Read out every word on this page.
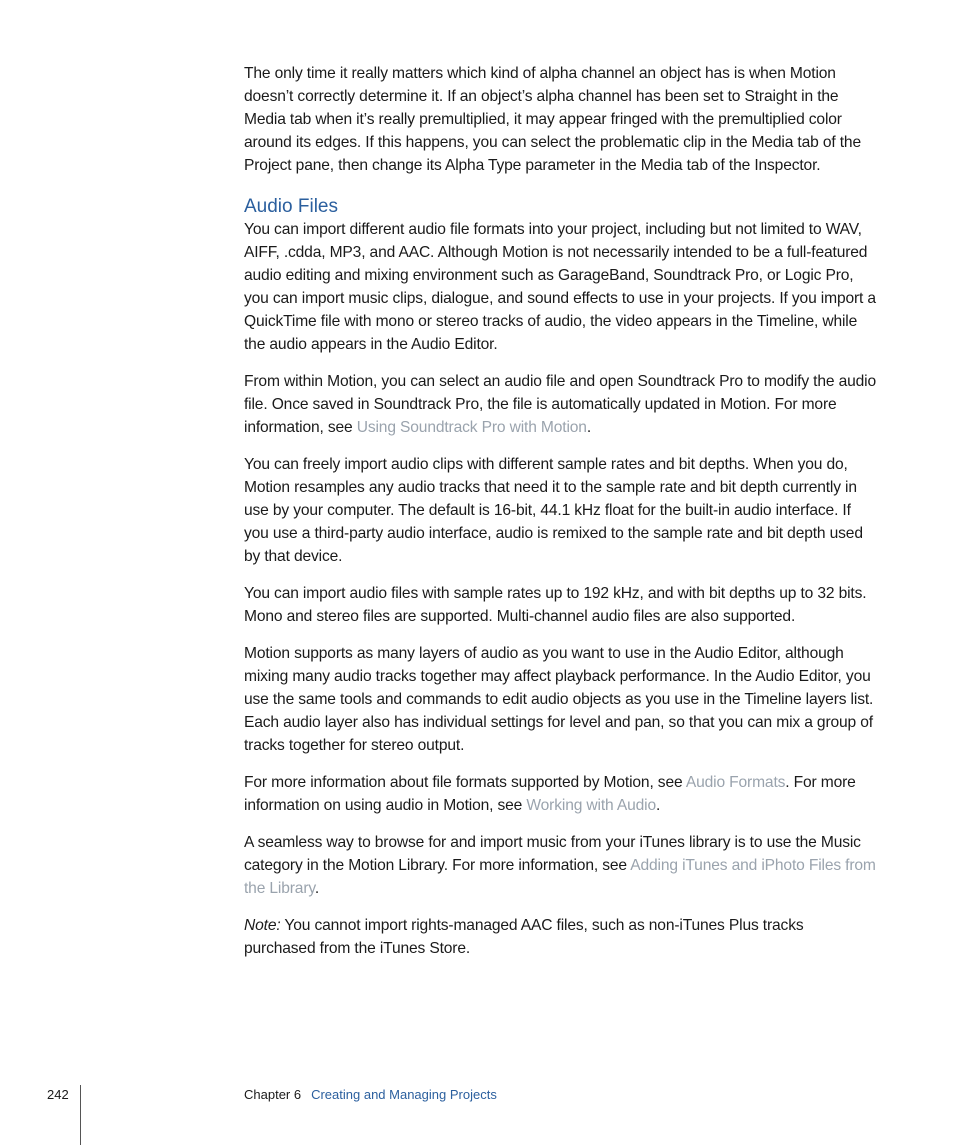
The only time it really matters which kind of alpha channel an object has is when Motion doesn’t correctly determine it. If an object’s alpha channel has been set to Straight in the Media tab when it’s really premultiplied, it may appear fringed with the premultiplied color around its edges. If this happens, you can select the problematic clip in the Media tab of the Project pane, then change its Alpha Type parameter in the Media tab of the Inspector.

Audio Files

You can import different audio file formats into your project, including but not limited to WAV, AIFF, .cdda, MP3, and AAC. Although Motion is not necessarily intended to be a full-featured audio editing and mixing environment such as GarageBand, Soundtrack Pro, or Logic Pro, you can import music clips, dialogue, and sound effects to use in your projects. If you import a QuickTime file with mono or stereo tracks of audio, the video appears in the Timeline, while the audio appears in the Audio Editor.

From within Motion, you can select an audio file and open Soundtrack Pro to modify the audio file. Once saved in Soundtrack Pro, the file is automatically updated in Motion. For more information, see Using Soundtrack Pro with Motion.

You can freely import audio clips with different sample rates and bit depths. When you do, Motion resamples any audio tracks that need it to the sample rate and bit depth currently in use by your computer. The default is 16-bit, 44.1 kHz float for the built-in audio interface. If you use a third-party audio interface, audio is remixed to the sample rate and bit depth used by that device.

You can import audio files with sample rates up to 192 kHz, and with bit depths up to 32 bits. Mono and stereo files are supported. Multi-channel audio files are also supported.

Motion supports as many layers of audio as you want to use in the Audio Editor, although mixing many audio tracks together may affect playback performance. In the Audio Editor, you use the same tools and commands to edit audio objects as you use in the Timeline layers list. Each audio layer also has individual settings for level and pan, so that you can mix a group of tracks together for stereo output.

For more information about file formats supported by Motion, see Audio Formats. For more information on using audio in Motion, see Working with Audio.

A seamless way to browse for and import music from your iTunes library is to use the Music category in the Motion Library. For more information, see Adding iTunes and iPhoto Files from the Library.

Note: You cannot import rights-managed AAC files, such as non-iTunes Plus tracks purchased from the iTunes Store.

242	Chapter 6 Creating and Managing Projects
